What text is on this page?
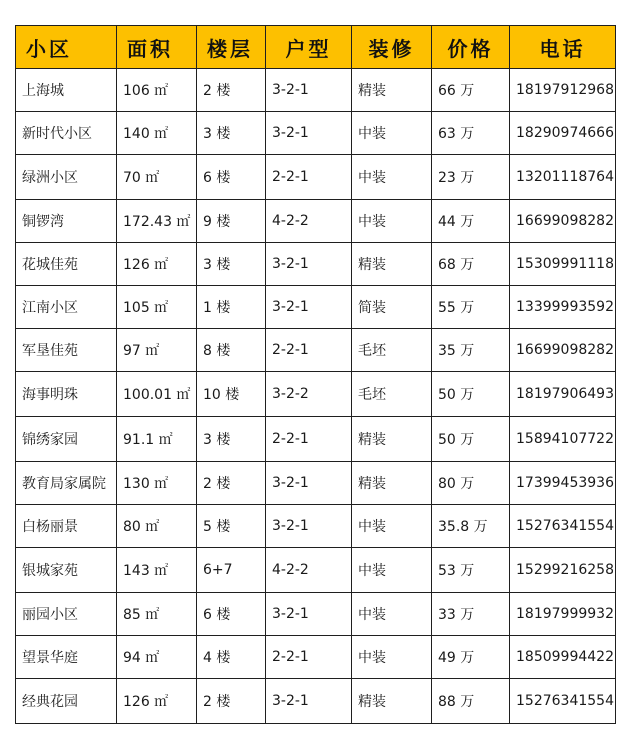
小区	面积	楼层	户型	装修	价格	电话
上海城	106 ㎡	2 楼	3-2-1	精装	66 万	18197912968
新时代小区	140 ㎡	3 楼	3-2-1	中装	63 万	18290974666
绿洲小区	70 ㎡	6 楼	2-2-1	中装	23 万	13201118764
铜锣湾	172.43 ㎡	9 楼	4-2-2	中装	44 万	16699098282
花城佳苑	126 ㎡	3 楼	3-2-1	精装	68 万	15309991118
江南小区	105 ㎡	1 楼	3-2-1	简装	55 万	13399993592
军垦佳苑	97 ㎡	8 楼	2-2-1	毛坯	35 万	16699098282
海事明珠	100.01 ㎡	10 楼	3-2-2	毛坯	50 万	18197906493
锦绣家园	91.1 ㎡	3 楼	2-2-1	精装	50 万	15894107722
教育局家属院	130 ㎡	2 楼	3-2-1	精装	80 万	17399453936
白杨丽景	80 ㎡	5 楼	3-2-1	中装	35.8 万	15276341554
银城家苑	143 ㎡	6+7	4-2-2	中装	53 万	15299216258
丽园小区	85 ㎡	6 楼	3-2-1	中装	33 万	18197999932
望景华庭	94 ㎡	4 楼	2-2-1	中装	49 万	18509994422
经典花园	126 ㎡	2 楼	3-2-1	精装	88 万	15276341554
